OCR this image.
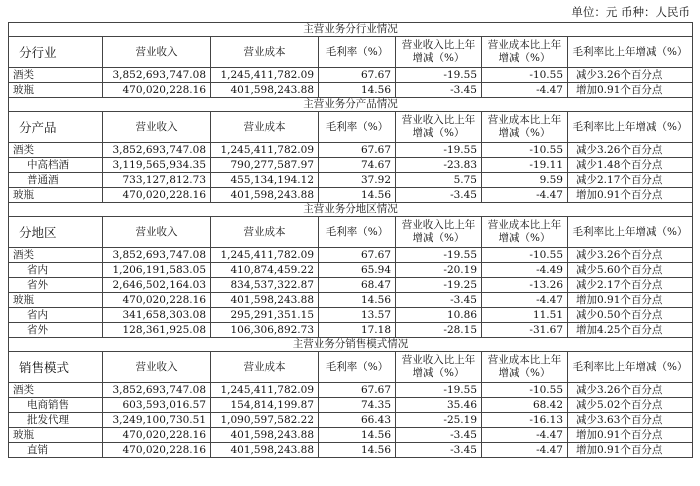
单位：元 币种：人民币
主营业务分行业情况						
分行业	营业收入	营业成本	毛利率（%）	营业收入比上年增减（%）	营业成本比上年增减（%）	毛利率比上年增减（%）
酒类	3,852,693,747.08	1,245,411,782.09	67.67	-19.55	-10.55	减少3.26个百分点
玻瓶	470,020,228.16	401,598,243.88	14.56	-3.45	-4.47	增加0.91个百分点
主营业务分产品情况						
分产品	营业收入	营业成本	毛利率（%）	营业收入比上年增减（%）	营业成本比上年增减（%）	毛利率比上年增减（%）
酒类	3,852,693,747.08	1,245,411,782.09	67.67	-19.55	-10.55	减少3.26个百分点
中高档酒	3,119,565,934.35	790,277,587.97	74.67	-23.83	-19.11	减少1.48个百分点
普通酒	733,127,812.73	455,134,194.12	37.92	5.75	9.59	减少2.17个百分点
玻瓶	470,020,228.16	401,598,243.88	14.56	-3.45	-4.47	增加0.91个百分点
主营业务分地区情况						
分地区	营业收入	营业成本	毛利率（%）	营业收入比上年增减（%）	营业成本比上年增减（%）	毛利率比上年增减（%）
酒类	3,852,693,747.08	1,245,411,782.09	67.67	-19.55	-10.55	减少3.26个百分点
省内	1,206,191,583.05	410,874,459.22	65.94	-20.19	-4.49	减少5.60个百分点
省外	2,646,502,164.03	834,537,322.87	68.47	-19.25	-13.26	减少2.17个百分点
玻瓶	470,020,228.16	401,598,243.88	14.56	-3.45	-4.47	增加0.91个百分点
省内	341,658,303.08	295,291,351.15	13.57	10.86	11.51	减少0.50个百分点
省外	128,361,925.08	106,306,892.73	17.18	-28.15	-31.67	增加4.25个百分点
主营业务分销售模式情况						
销售模式	营业收入	营业成本	毛利率（%）	营业收入比上年增减（%）	营业成本比上年增减（%）	毛利率比上年增减（%）
酒类	3,852,693,747.08	1,245,411,782.09	67.67	-19.55	-10.55	减少3.26个百分点
电商销售	603,593,016.57	154,814,199.87	74.35	35.46	68.42	减少5.02个百分点
批发代理	3,249,100,730.51	1,090,597,582.22	66.43	-25.19	-16.13	减少3.63个百分点
玻瓶	470,020,228.16	401,598,243.88	14.56	-3.45	-4.47	增加0.91个百分点
直销	470,020,228.16	401,598,243.88	14.56	-3.45	-4.47	增加0.91个百分点
